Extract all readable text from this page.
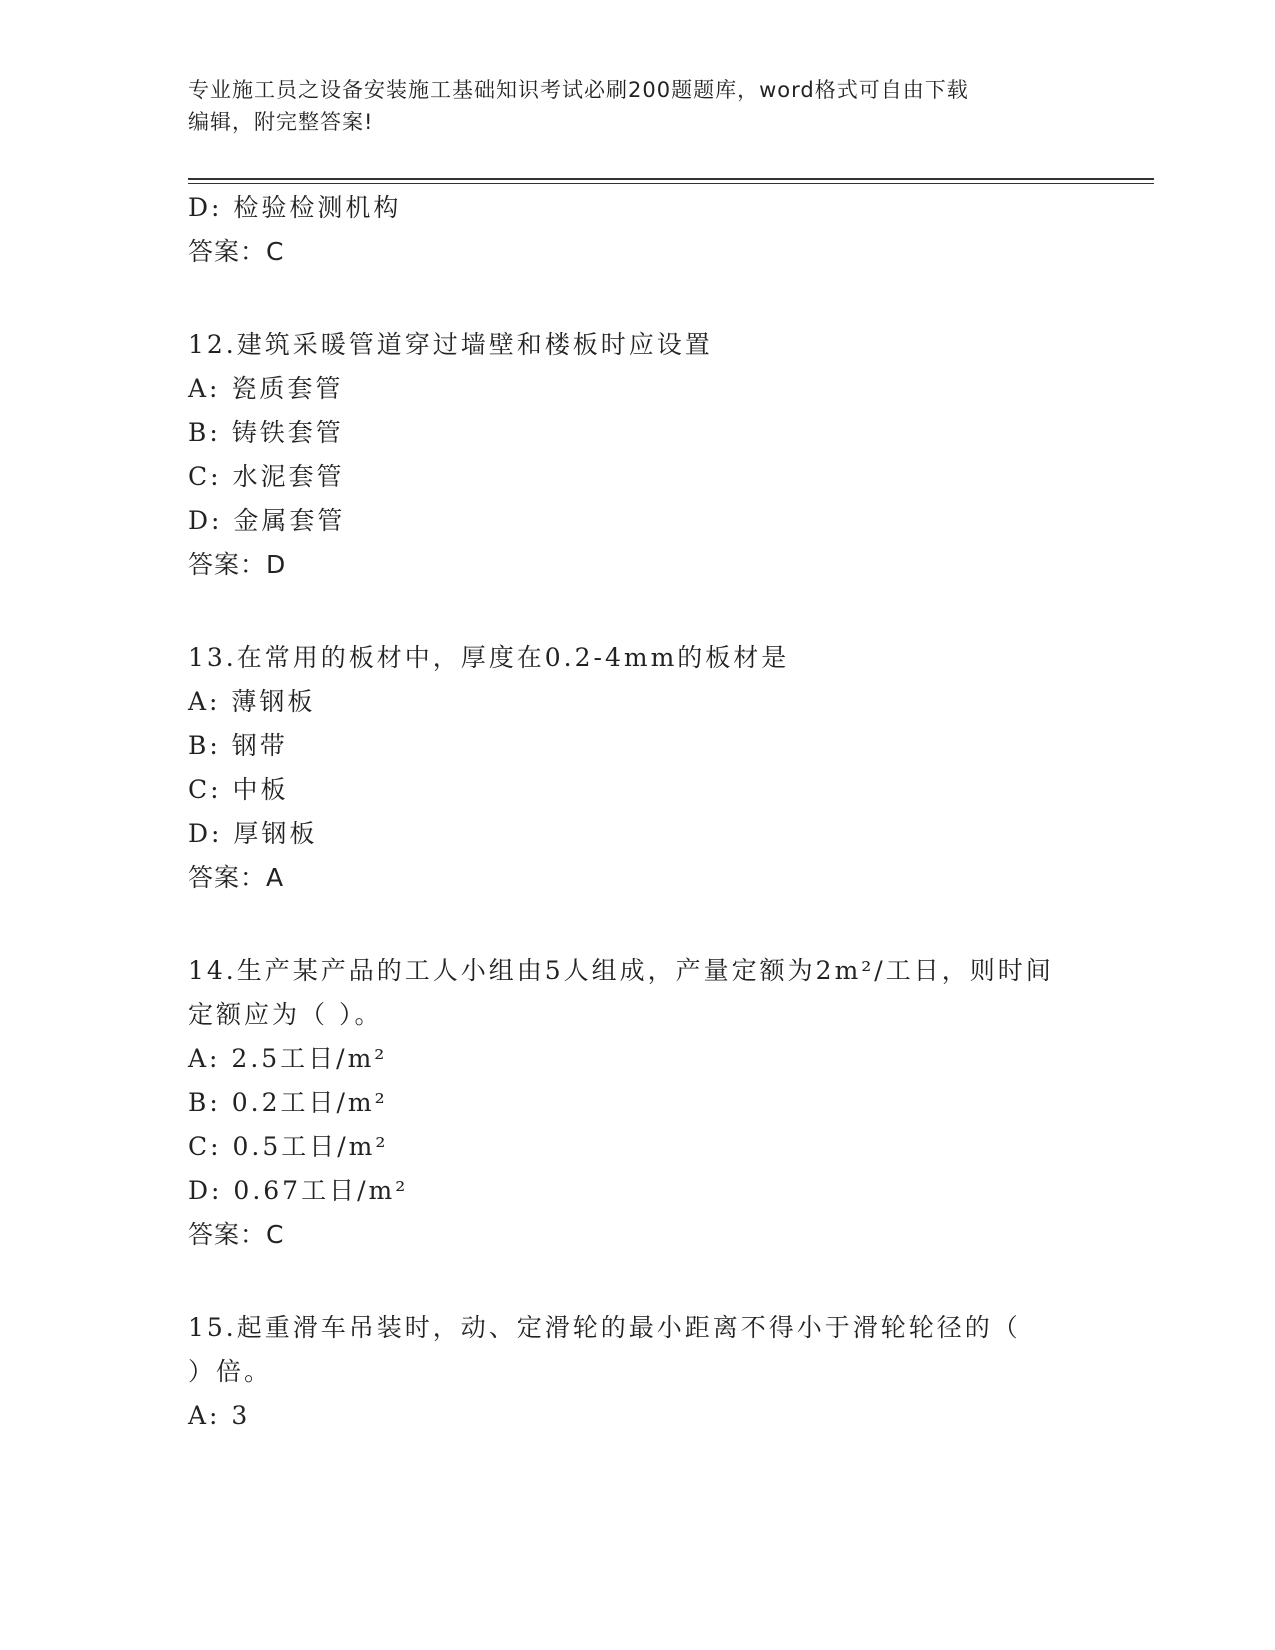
专业施工员之设备安装施工基础知识考试必刷200题题库，word格式可自由下载
编辑，附完整答案!
D: 检验检测机构
答案：C
12.建筑采暖管道穿过墙壁和楼板时应设置
A: 瓷质套管
B: 铸铁套管
C: 水泥套管
D: 金属套管
答案：D
13.在常用的板材中，厚度在0.2-4mm的板材是
A: 薄钢板
B: 钢带
C: 中板
D: 厚钢板
答案：A
14.生产某产品的工人小组由5人组成，产量定额为2m²/工日，则时间
定额应为（ ）。
A: 2.5工日/m²
B: 0.2工日/m²
C: 0.5工日/m²
D: 0.67工日/m²
答案：C
15.起重滑车吊装时，动、定滑轮的最小距离不得小于滑轮轮径的（
）倍。
A: 3
